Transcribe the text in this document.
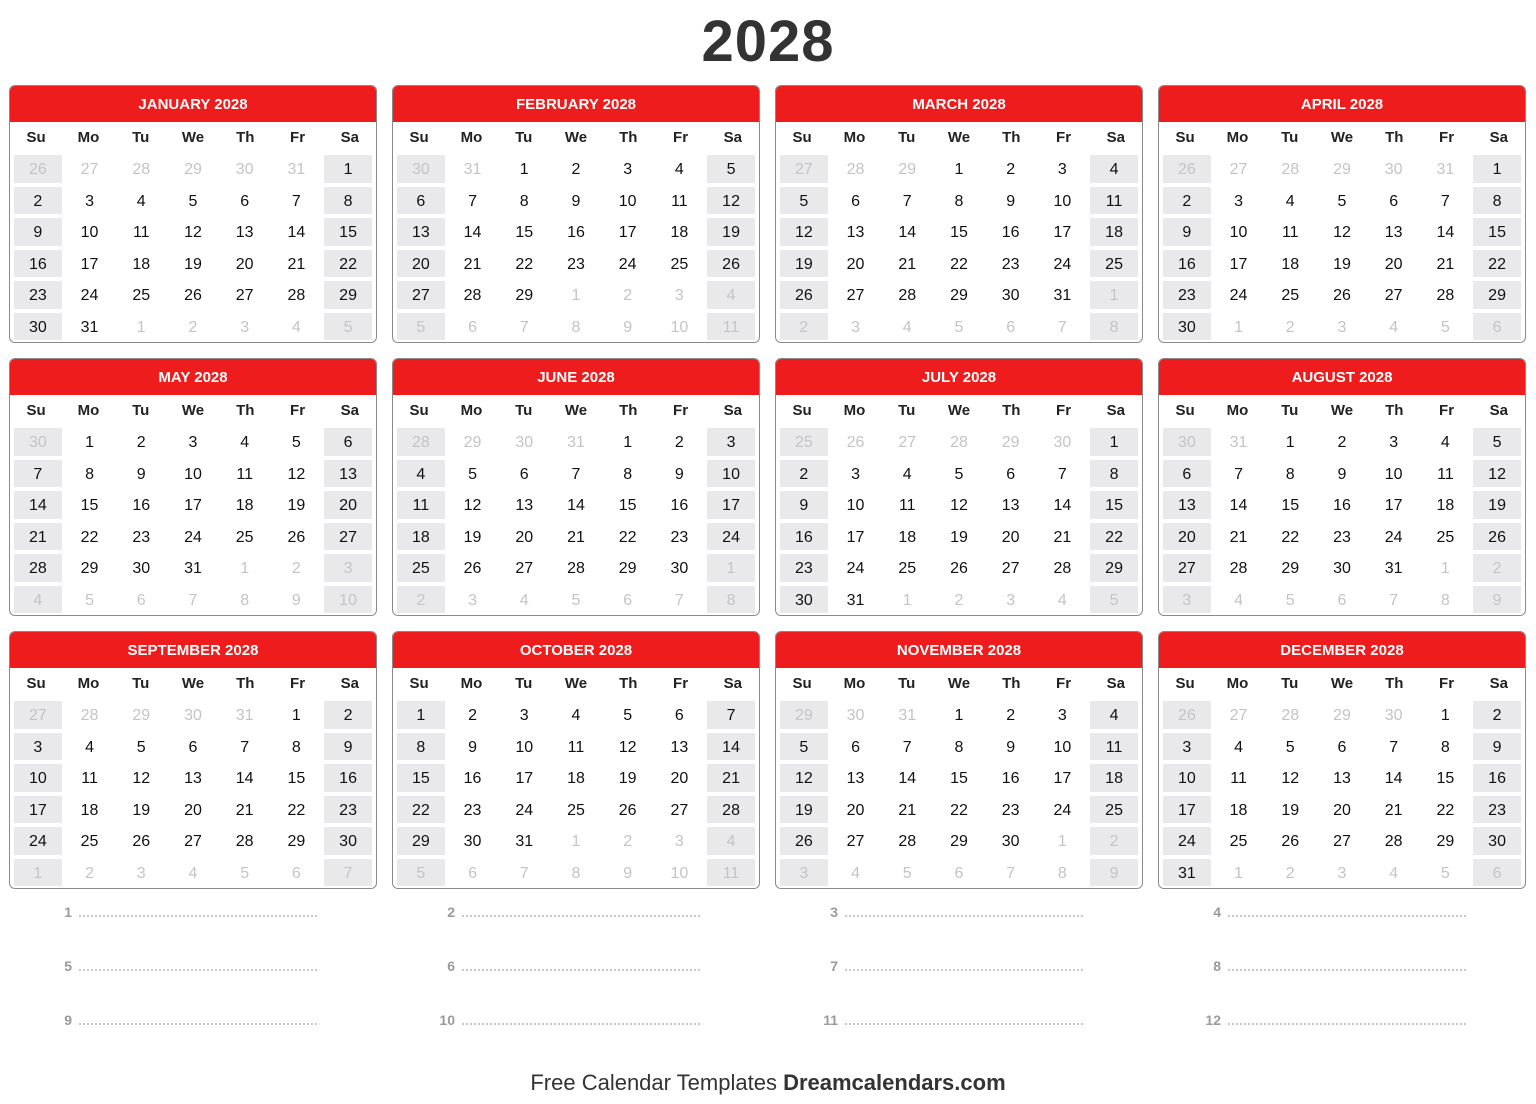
2028
JANUARY 2028
Su	Mo	Tu	We	Th	Fr	Sa
26	27	28	29	30	31	1
2	3	4	5	6	7	8
9	10	11	12	13	14	15
16	17	18	19	20	21	22
23	24	25	26	27	28	29
30	31	1	2	3	4	5
FEBRUARY 2028
Su	Mo	Tu	We	Th	Fr	Sa
30	31	1	2	3	4	5
6	7	8	9	10	11	12
13	14	15	16	17	18	19
20	21	22	23	24	25	26
27	28	29	1	2	3	4
5	6	7	8	9	10	11
MARCH 2028
Su	Mo	Tu	We	Th	Fr	Sa
27	28	29	1	2	3	4
5	6	7	8	9	10	11
12	13	14	15	16	17	18
19	20	21	22	23	24	25
26	27	28	29	30	31	1
2	3	4	5	6	7	8
APRIL 2028
Su	Mo	Tu	We	Th	Fr	Sa
26	27	28	29	30	31	1
2	3	4	5	6	7	8
9	10	11	12	13	14	15
16	17	18	19	20	21	22
23	24	25	26	27	28	29
30	1	2	3	4	5	6
MAY 2028
Su	Mo	Tu	We	Th	Fr	Sa
30	1	2	3	4	5	6
7	8	9	10	11	12	13
14	15	16	17	18	19	20
21	22	23	24	25	26	27
28	29	30	31	1	2	3
4	5	6	7	8	9	10
JUNE 2028
Su	Mo	Tu	We	Th	Fr	Sa
28	29	30	31	1	2	3
4	5	6	7	8	9	10
11	12	13	14	15	16	17
18	19	20	21	22	23	24
25	26	27	28	29	30	1
2	3	4	5	6	7	8
JULY 2028
Su	Mo	Tu	We	Th	Fr	Sa
25	26	27	28	29	30	1
2	3	4	5	6	7	8
9	10	11	12	13	14	15
16	17	18	19	20	21	22
23	24	25	26	27	28	29
30	31	1	2	3	4	5
AUGUST 2028
Su	Mo	Tu	We	Th	Fr	Sa
30	31	1	2	3	4	5
6	7	8	9	10	11	12
13	14	15	16	17	18	19
20	21	22	23	24	25	26
27	28	29	30	31	1	2
3	4	5	6	7	8	9
SEPTEMBER 2028
Su	Mo	Tu	We	Th	Fr	Sa
27	28	29	30	31	1	2
3	4	5	6	7	8	9
10	11	12	13	14	15	16
17	18	19	20	21	22	23
24	25	26	27	28	29	30
1	2	3	4	5	6	7
OCTOBER 2028
Su	Mo	Tu	We	Th	Fr	Sa
1	2	3	4	5	6	7
8	9	10	11	12	13	14
15	16	17	18	19	20	21
22	23	24	25	26	27	28
29	30	31	1	2	3	4
5	6	7	8	9	10	11
NOVEMBER 2028
Su	Mo	Tu	We	Th	Fr	Sa
29	30	31	1	2	3	4
5	6	7	8	9	10	11
12	13	14	15	16	17	18
19	20	21	22	23	24	25
26	27	28	29	30	1	2
3	4	5	6	7	8	9
DECEMBER 2028
Su	Mo	Tu	We	Th	Fr	Sa
26	27	28	29	30	1	2
3	4	5	6	7	8	9
10	11	12	13	14	15	16
17	18	19	20	21	22	23
24	25	26	27	28	29	30
31	1	2	3	4	5	6
1	2	3	4
5	6	7	8
9	10	11	12
Free Calendar Templates Dreamcalendars.com
